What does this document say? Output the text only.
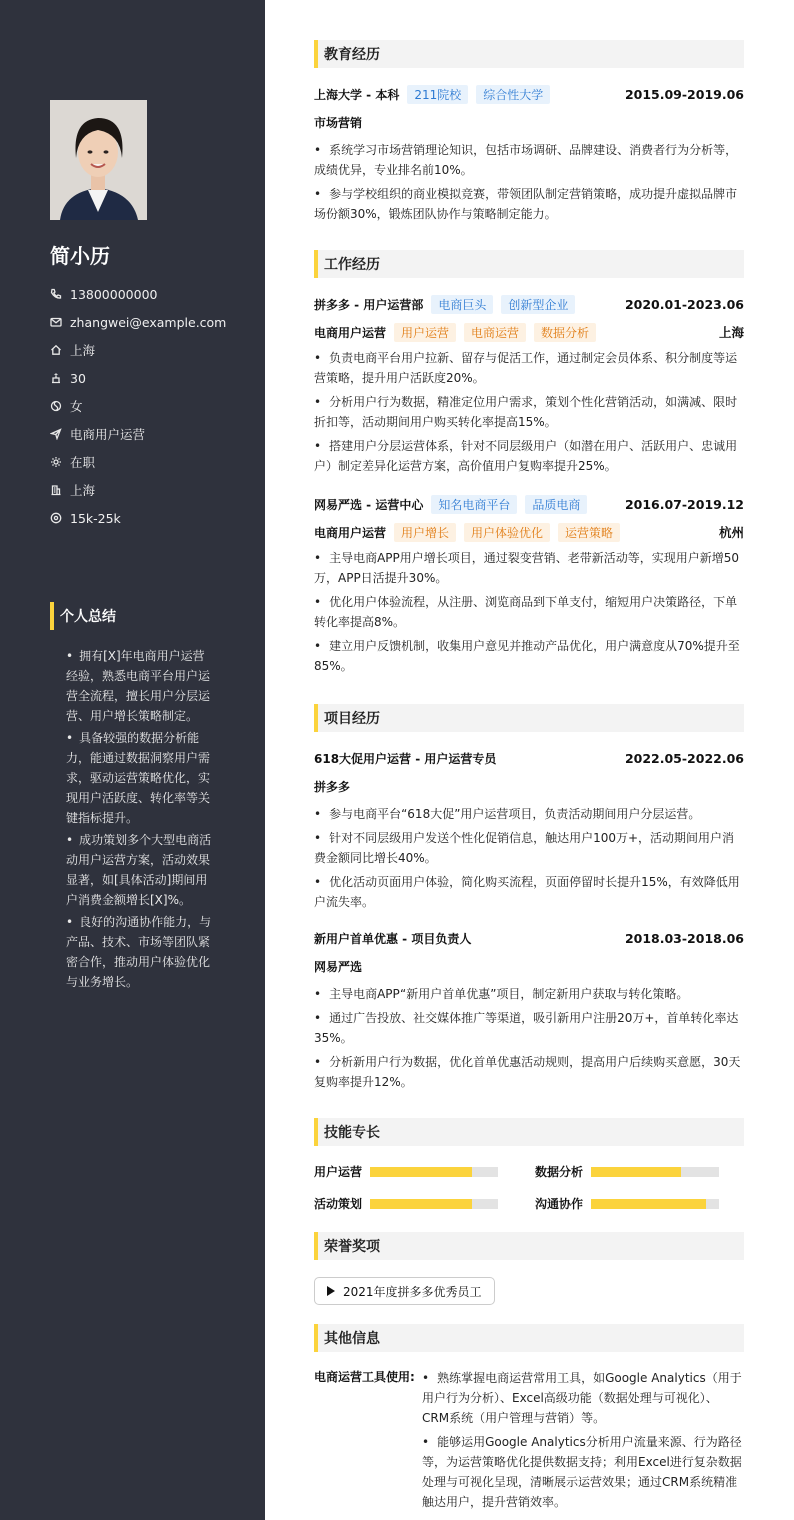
简小历
13800000000
zhangwei@example.com
上海
30
女
电商用户运营
在职
上海
15k-25k
个人总结
• 拥有[X]年电商用户运营经验，熟悉电商平台用户运营全流程，擅长用户分层运营、用户增长策略制定。
• 具备较强的数据分析能力，能通过数据洞察用户需求，驱动运营策略优化，实现用户活跃度、转化率等关键指标提升。
• 成功策划多个大型电商活动用户运营方案，活动效果显著，如[具体活动]期间用户消费金额增长[X]%。
• 良好的沟通协作能力，与产品、技术、市场等团队紧密合作，推动用户体验优化与业务增长。
教育经历
上海大学 - 本科	211院校	综合性大学	2015.09-2019.06
市场营销
• 系统学习市场营销理论知识，包括市场调研、品牌建设、消费者行为分析等，成绩优异，专业排名前10%。
• 参与学校组织的商业模拟竞赛，带领团队制定营销策略，成功提升虚拟品牌市场份额30%，锻炼团队协作与策略制定能力。
工作经历
拼多多 - 用户运营部	电商巨头	创新型企业	2020.01-2023.06
电商用户运营	用户运营	电商运营	数据分析	上海
• 负责电商平台用户拉新、留存与促活工作，通过制定会员体系、积分制度等运营策略，提升用户活跃度20%。
• 分析用户行为数据，精准定位用户需求，策划个性化营销活动，如满减、限时折扣等，活动期间用户购买转化率提高15%。
• 搭建用户分层运营体系，针对不同层级用户（如潜在用户、活跃用户、忠诚用户）制定差异化运营方案，高价值用户复购率提升25%。
网易严选 - 运营中心	知名电商平台	品质电商	2016.07-2019.12
电商用户运营	用户增长	用户体验优化	运营策略	杭州
• 主导电商APP用户增长项目，通过裂变营销、老带新活动等，实现用户新增50万，APP日活提升30%。
• 优化用户体验流程，从注册、浏览商品到下单支付，缩短用户决策路径，下单转化率提高8%。
• 建立用户反馈机制，收集用户意见并推动产品优化，用户满意度从70%提升至85%。
项目经历
618大促用户运营 - 用户运营专员	2022.05-2022.06
拼多多
• 参与电商平台“618大促”用户运营项目，负责活动期间用户分层运营。
• 针对不同层级用户发送个性化促销信息，触达用户100万+，活动期间用户消费金额同比增长40%。
• 优化活动页面用户体验，简化购买流程，页面停留时长提升15%，有效降低用户流失率。
新用户首单优惠 - 项目负责人	2018.03-2018.06
网易严选
• 主导电商APP“新用户首单优惠”项目，制定新用户获取与转化策略。
• 通过广告投放、社交媒体推广等渠道，吸引新用户注册20万+，首单转化率达35%。
• 分析新用户行为数据，优化首单优惠活动规则，提高用户后续购买意愿，30天复购率提升12%。
技能专长
用户运营	数据分析
活动策划	沟通协作
荣誉奖项
2021年度拼多多优秀员工
其他信息
电商运营工具使用: • 熟练掌握电商运营常用工具，如Google Analytics（用于用户行为分析）、Excel高级功能（数据处理与可视化）、CRM系统（用户管理与营销）等。
• 能够运用Google Analytics分析用户流量来源、行为路径等，为运营策略优化提供数据支持；利用Excel进行复杂数据处理与可视化呈现，清晰展示运营效果；通过CRM系统精准触达用户，提升营销效率。
